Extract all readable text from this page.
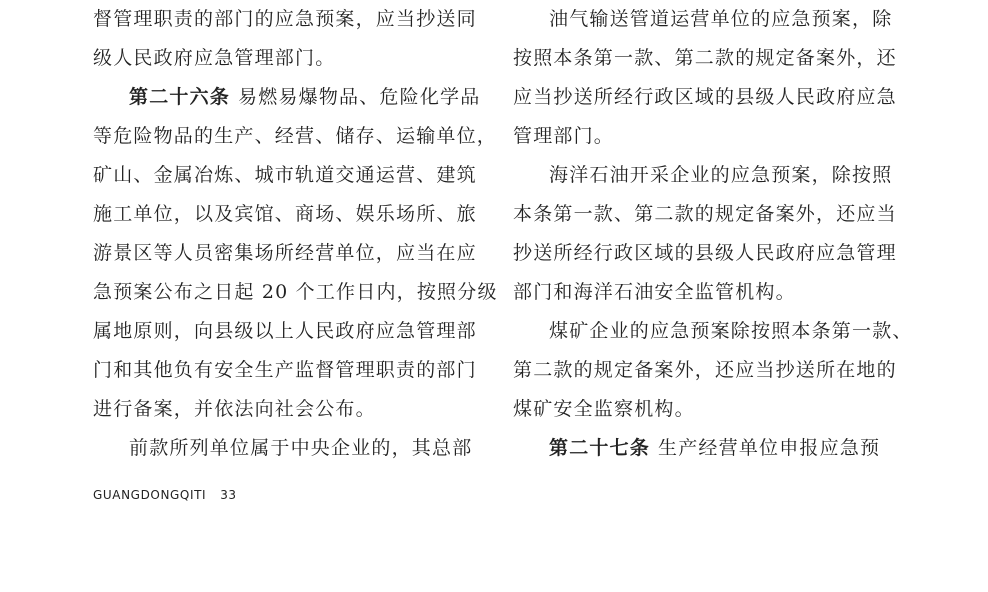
督管理职责的部门的应急预案，应当抄送同
级人民政府应急管理部门。
第二十六条 易燃易爆物品、危险化学品
等危险物品的生产、经营、储存、运输单位，
矿山、金属冶炼、城市轨道交通运营、建筑
施工单位，以及宾馆、商场、娱乐场所、旅
游景区等人员密集场所经营单位，应当在应
急预案公布之日起 20 个工作日内，按照分级
属地原则，向县级以上人民政府应急管理部
门和其他负有安全生产监督管理职责的部门
进行备案，并依法向社会公布。
前款所列单位属于中央企业的，其总部
油气输送管道运营单位的应急预案，除
按照本条第一款、第二款的规定备案外，还
应当抄送所经行政区域的县级人民政府应急
管理部门。
海洋石油开采企业的应急预案，除按照
本条第一款、第二款的规定备案外，还应当
抄送所经行政区域的县级人民政府应急管理
部门和海洋石油安全监管机构。
煤矿企业的应急预案除按照本条第一款、
第二款的规定备案外，还应当抄送所在地的
煤矿安全监察机构。
第二十七条 生产经营单位申报应急预
GUANGDONGQITI 33
